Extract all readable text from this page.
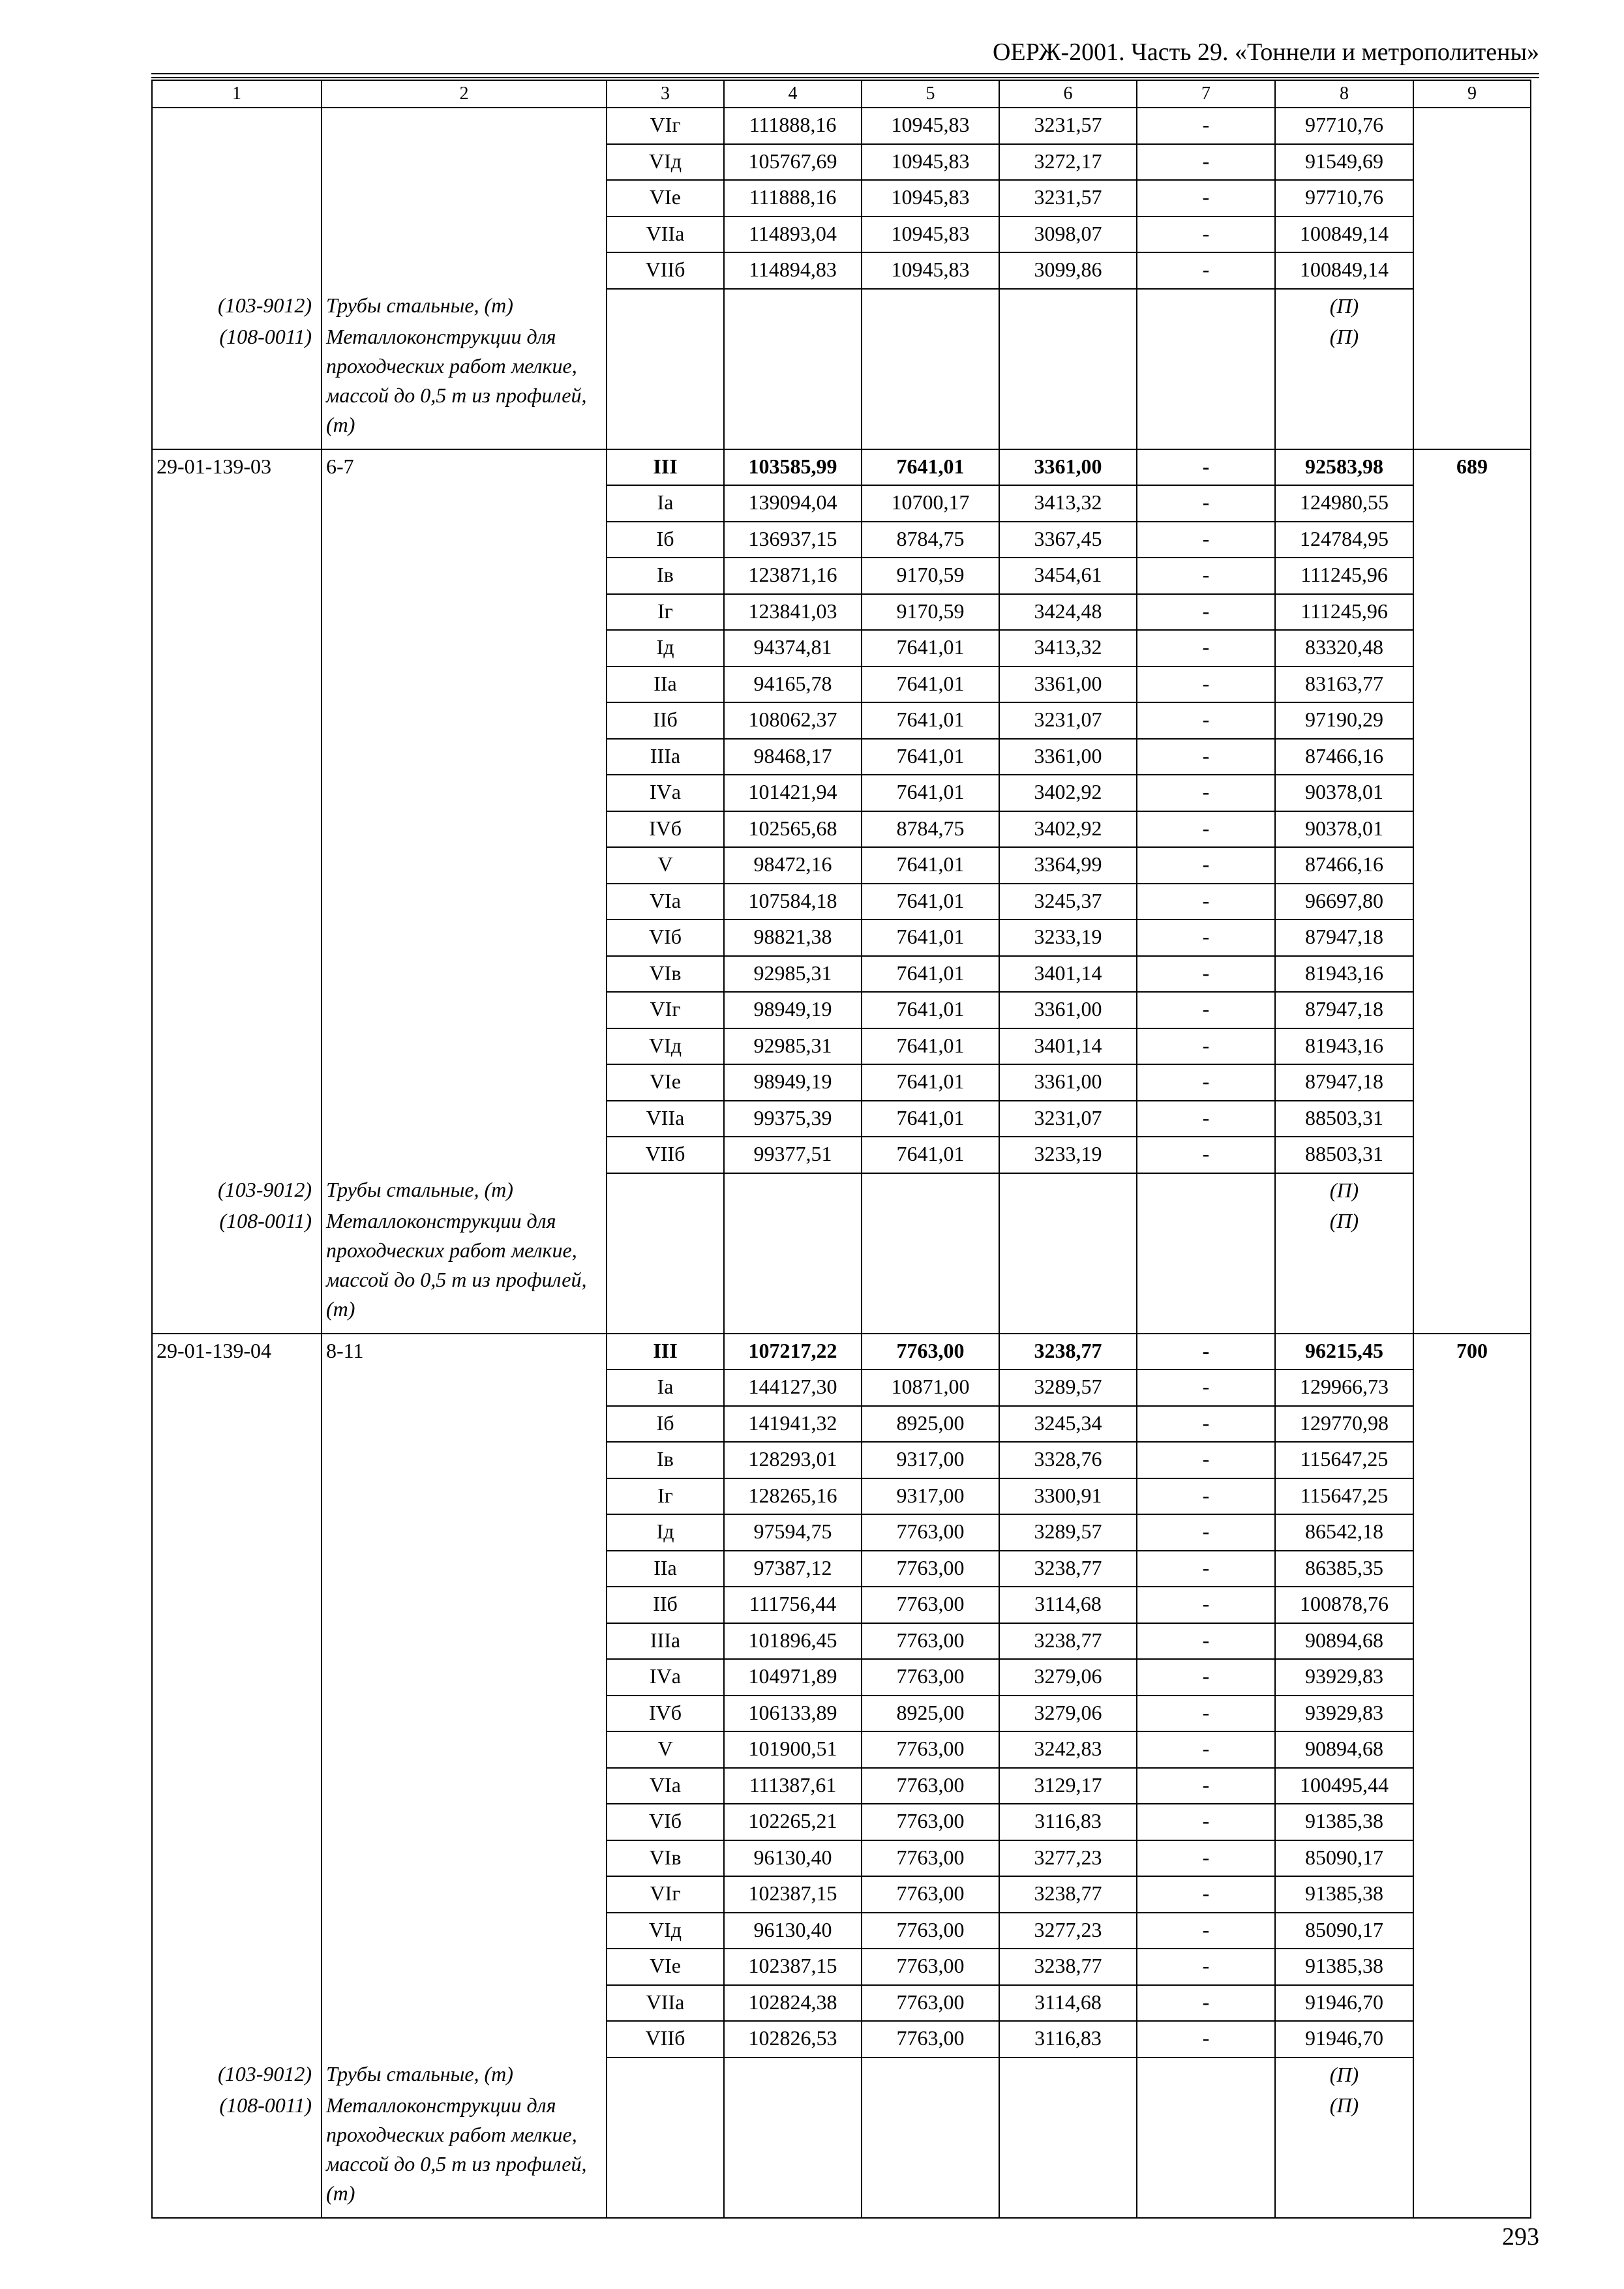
ОЕРЖ-2001. Часть 29. «Тоннели и метрополитены»
1	2	3	4	5	6	7	8	9
		VIг	111888,16	10945,83	3231,57	-	97710,76	
		VIд	105767,69	10945,83	3272,17	-	91549,69	
		VIе	111888,16	10945,83	3231,57	-	97710,76	
		VIIа	114893,04	10945,83	3098,07	-	100849,14	
		VIIб	114894,83	10945,83	3099,86	-	100849,14	
(103-9012)	Трубы стальные, (т)						(П)	
(108-0011)	Металлоконструкции для проходческих работ мелкие, массой до 0,5 т из профилей, (т)						(П)	
29-01-139-03	6-7	III	103585,99	7641,01	3361,00	-	92583,98	689
		Iа	139094,04	10700,17	3413,32	-	124980,55	
		Iб	136937,15	8784,75	3367,45	-	124784,95	
		Iв	123871,16	9170,59	3454,61	-	111245,96	
		Iг	123841,03	9170,59	3424,48	-	111245,96	
		Iд	94374,81	7641,01	3413,32	-	83320,48	
		IIа	94165,78	7641,01	3361,00	-	83163,77	
		IIб	108062,37	7641,01	3231,07	-	97190,29	
		IIIа	98468,17	7641,01	3361,00	-	87466,16	
		IVа	101421,94	7641,01	3402,92	-	90378,01	
		IVб	102565,68	8784,75	3402,92	-	90378,01	
		V	98472,16	7641,01	3364,99	-	87466,16	
		VIа	107584,18	7641,01	3245,37	-	96697,80	
		VIб	98821,38	7641,01	3233,19	-	87947,18	
		VIв	92985,31	7641,01	3401,14	-	81943,16	
		VIг	98949,19	7641,01	3361,00	-	87947,18	
		VIд	92985,31	7641,01	3401,14	-	81943,16	
		VIе	98949,19	7641,01	3361,00	-	87947,18	
		VIIа	99375,39	7641,01	3231,07	-	88503,31	
		VIIб	99377,51	7641,01	3233,19	-	88503,31	
(103-9012)	Трубы стальные, (т)						(П)	
(108-0011)	Металлоконструкции для проходческих работ мелкие, массой до 0,5 т из профилей, (т)						(П)	
29-01-139-04	8-11	III	107217,22	7763,00	3238,77	-	96215,45	700
		Iа	144127,30	10871,00	3289,57	-	129966,73	
		Iб	141941,32	8925,00	3245,34	-	129770,98	
		Iв	128293,01	9317,00	3328,76	-	115647,25	
		Iг	128265,16	9317,00	3300,91	-	115647,25	
		Iд	97594,75	7763,00	3289,57	-	86542,18	
		IIа	97387,12	7763,00	3238,77	-	86385,35	
		IIб	111756,44	7763,00	3114,68	-	100878,76	
		IIIа	101896,45	7763,00	3238,77	-	90894,68	
		IVа	104971,89	7763,00	3279,06	-	93929,83	
		IVб	106133,89	8925,00	3279,06	-	93929,83	
		V	101900,51	7763,00	3242,83	-	90894,68	
		VIа	111387,61	7763,00	3129,17	-	100495,44	
		VIб	102265,21	7763,00	3116,83	-	91385,38	
		VIв	96130,40	7763,00	3277,23	-	85090,17	
		VIг	102387,15	7763,00	3238,77	-	91385,38	
		VIд	96130,40	7763,00	3277,23	-	85090,17	
		VIе	102387,15	7763,00	3238,77	-	91385,38	
		VIIа	102824,38	7763,00	3114,68	-	91946,70	
		VIIб	102826,53	7763,00	3116,83	-	91946,70	
(103-9012)	Трубы стальные, (т)						(П)	
(108-0011)	Металлоконструкции для проходческих работ мелкие, массой до 0,5 т из профилей, (т)						(П)	
293
